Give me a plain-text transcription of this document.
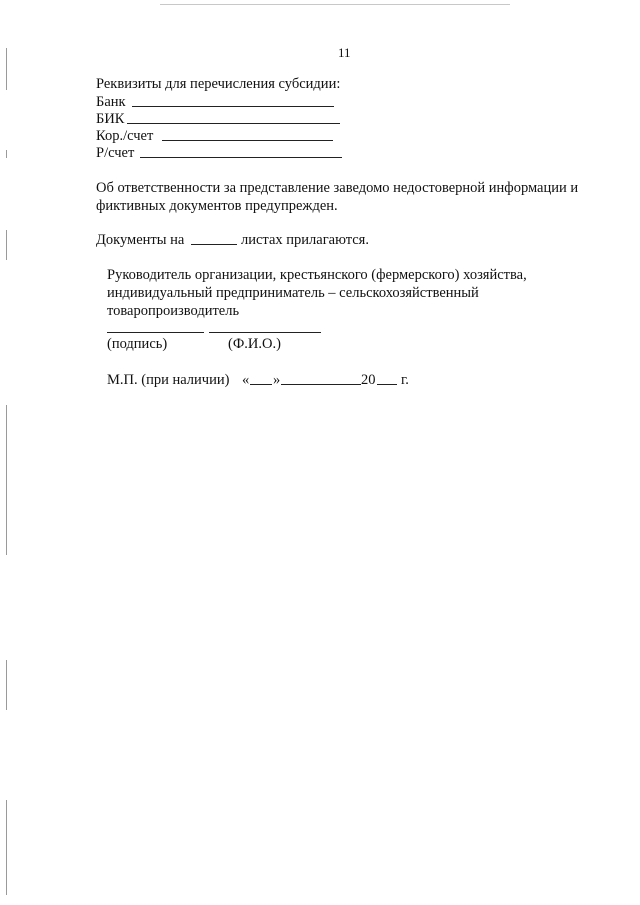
11
Реквизиты для перечисления субсидии:
Банк
БИК
Кор./счет
Р/счет
Об ответственности за представление заведомо недостоверной информации и
фиктивных документов предупрежден.
Документы на	листах прилагаются.
Руководитель организации, крестьянского (фермерского) хозяйства,
индивидуальный предприниматель – сельскохозяйственный
товаропроизводитель
(подпись)	(Ф.И.О.)
М.П. (при наличии) « »	20 г.
